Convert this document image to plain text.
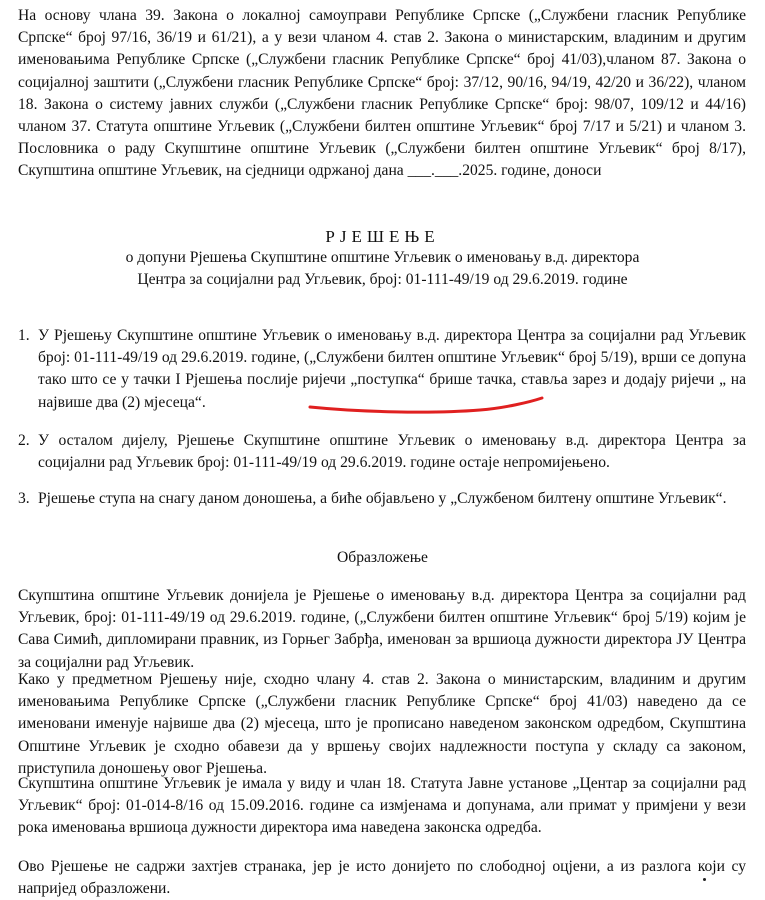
На основу члана 39. Закона о локалној самоуправи Републике Српске („Службени гласник Републике Српске“ број 97/16, 36/19 и 61/21), а у вези чланом 4. став 2. Закона о министарским, владиним и другим именовањима Републике Српске („Службени гласник Републике Српске“ број 41/03),чланом 87. Закона о социјалној заштити („Службени гласник Републике Српске“ број: 37/12, 90/16, 94/19, 42/20 и 36/22), чланом 18. Закона о систему јавних служби („Службени гласник Републике Српске“ број: 98/07, 109/12 и 44/16) чланом 37. Статута општине Угљевик („Службени билтен општине Угљевик“ број 7/17 и 5/21) и чланом 3. Пословника о раду Скупштине општине Угљевик („Службени билтен општине Угљевик“ број 8/17), Скупштина општине Угљевик, на сједници одржаној дана ___.___.2025. године, доноси
РЈЕШЕЊЕ
о допуни Рјешења Скупштине општине Угљевик о именовању в.д. директора
Центра за социјални рад Угљевик, број: 01-111-49/19 од 29.6.2019. године
1. У Рјешењу Скупштине општине Угљевик о именовању в.д. директора Центра за социјални рад Угљевик број: 01-111-49/19 од 29.6.2019. године, („Службени билтен општине Угљевик“ број 5/19), врши се допуна тако што се у тачки I Рјешења послије ријечи „поступка“ брише тачка, ставља зарез и додају ријечи „ на највише два (2) мјесеца“.
2. У осталом дијелу, Рјешење Скупштине општине Угљевик о именовању в.д. директора Центра за социјални рад Угљевик број: 01-111-49/19 од 29.6.2019. године остаје непромијењено.
3. Рјешење ступа на снагу даном доношења, а биће објављено у „Службеном билтену општине Угљевик“.
Образложење
Скупштина општине Угљевик донијела је Рјешење о именовању в.д. директора Центра за социјални рад Угљевик, број: 01-111-49/19 од 29.6.2019. године, („Службени билтен општине Угљевик“ број 5/19) којим је Сава Симић, дипломирани правник, из Горњег Забрђа, именован за вршиоца дужности директора ЈУ Центра за социјални рад Угљевик.
Како у предметном Рјешењу није, сходно члану 4. став 2. Закона о министарским, владиним и другим именовањима Републике Српске („Службени гласник Републике Српске“ број 41/03) наведено да се именовани именује највише два (2) мјесеца, што је прописано наведеном законском одредбом, Скупштина Општине Угљевик је сходно обавези да у вршењу својих надлежности поступа у складу са законом, приступила доношењу овог Рјешења.
Скупштина општине Угљевик је имала у виду и члан 18. Статута Јавне установе „Центар за социјални рад Угљевик“ број: 01-014-8/16 од 15.09.2016. године са измјенама и допунама, али примат у примјени у вези рока именовања вршиоца дужности директора има наведена законска одредба.
Ово Рјешење не садржи захтјев странака, јер је исто донијето по слободној оцјени, а из разлога који су напријед образложени.
